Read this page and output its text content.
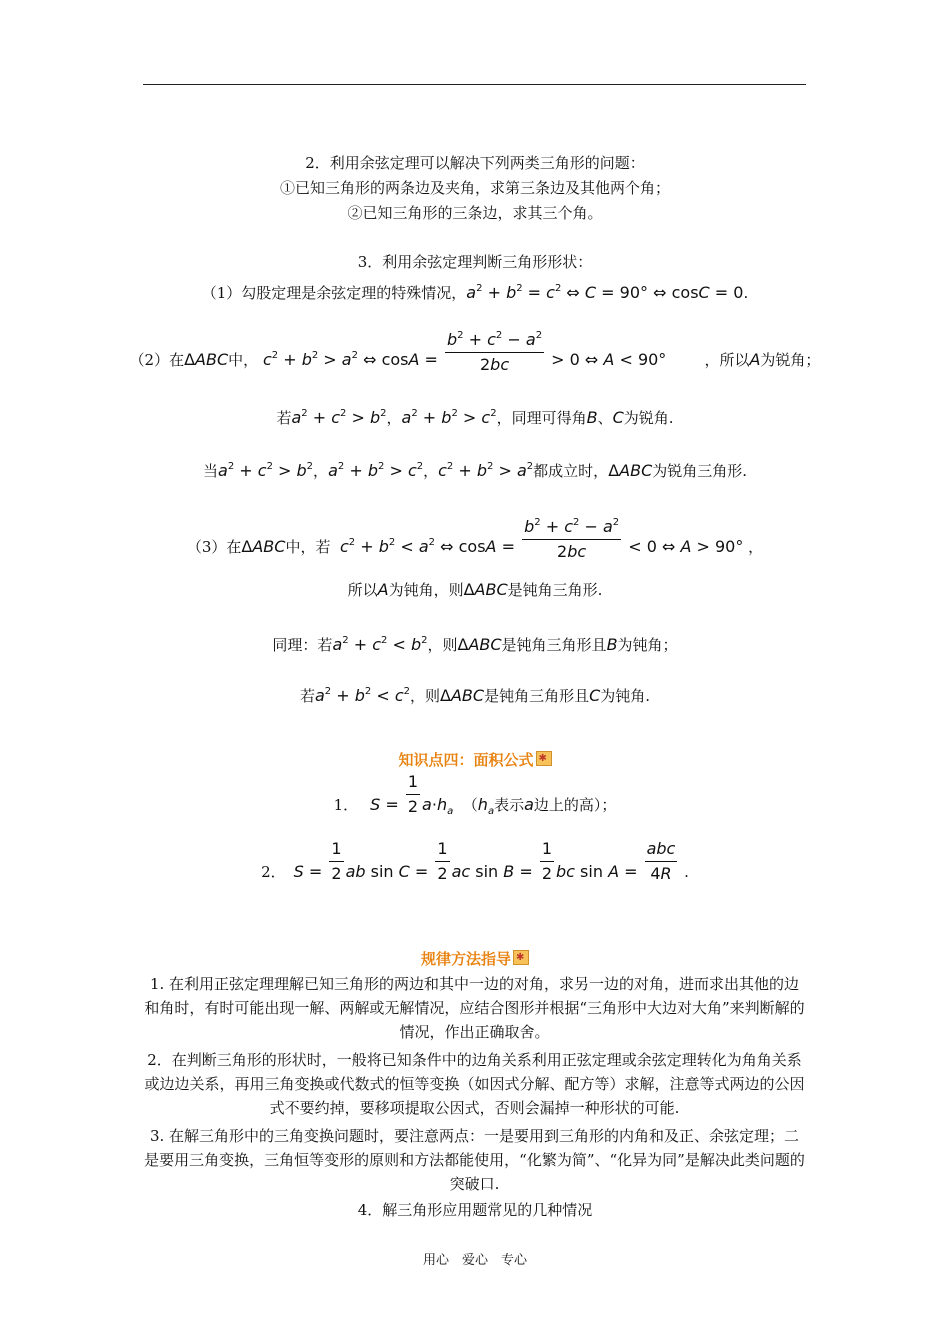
2．利用余弦定理可以解决下列两类三角形的问题：
①已知三角形的两条边及夹角，求第三条边及其他两个角；
②已知三角形的三条边，求其三个角。
3．利用余弦定理判断三角形形状：
（1）勾股定理是余弦定理的特殊情况，$a^2 + b^2 = c^2$ ⇔ C = 90° ⇔ cosC = 0.
（2）在ΔABC中， $c^2 + b^2 > a^2$ ⇔ $\cos A = \frac{b^2 + c^2 - a^2}{2bc} > 0$ ⇔ A < 90°	，所以A为锐角；
若$a^2 + c^2 > b^2$，$a^2 + b^2 > c^2$，同理可得角B、C为锐角.
当$a^2 + c^2 > b^2$，$a^2 + b^2 > c^2$，$c^2 + b^2 > a^2$都成立时，ΔABC为锐角三角形.
（3）在ΔABC中，若 $c^2 + b^2 < a^2$ ⇔ $\cos A = \frac{b^2 + c^2 - a^2}{2bc} < 0$ ⇔ A > 90° ，
所以A为钝角，则ΔABC是钝角三角形.
同理：若$a^2 + c^2 < b^2$，则ΔABC是钝角三角形且B为钝角；
若$a^2 + b^2 < c^2$，则ΔABC是钝角三角形且C为钝角.
知识点四：面积公式✱
1． $S = \frac{1}{2} a\cdot h_a$ （$h_a$表示a边上的高）；
2． $S = \frac{1}{2}$ ab $\sin C = \frac{1}{2}$ ac $\sin B = \frac{1}{2}$ bc $\sin A = \frac{\text{abc}}{4R}$ .
规律方法指导✱
1. 在利用正弦定理理解已知三角形的两边和其中一边的对角，求另一边的对角，进而求出其他的边和角时，有时可能出现一解、两解或无解情况，应结合图形并根据“三角形中大边对大角”来判断解的情况，作出正确取舍。
2．在判断三角形的形状时，一般将已知条件中的边角关系利用正弦定理或余弦定理转化为角角关系或边边关系，再用三角变换或代数式的恒等变换（如因式分解、配方等）求解，注意等式两边的公因式不要约掉，要移项提取公因式，否则会漏掉一种形状的可能.
3. 在解三角形中的三角变换问题时，要注意两点：一是要用到三角形的内角和及正、余弦定理；二是要用三角变换，三角恒等变形的原则和方法都能使用，“化繁为简”、“化异为同”是解决此类问题的突破口.
4．解三角形应用题常见的几种情况
用心　爱心　专心
